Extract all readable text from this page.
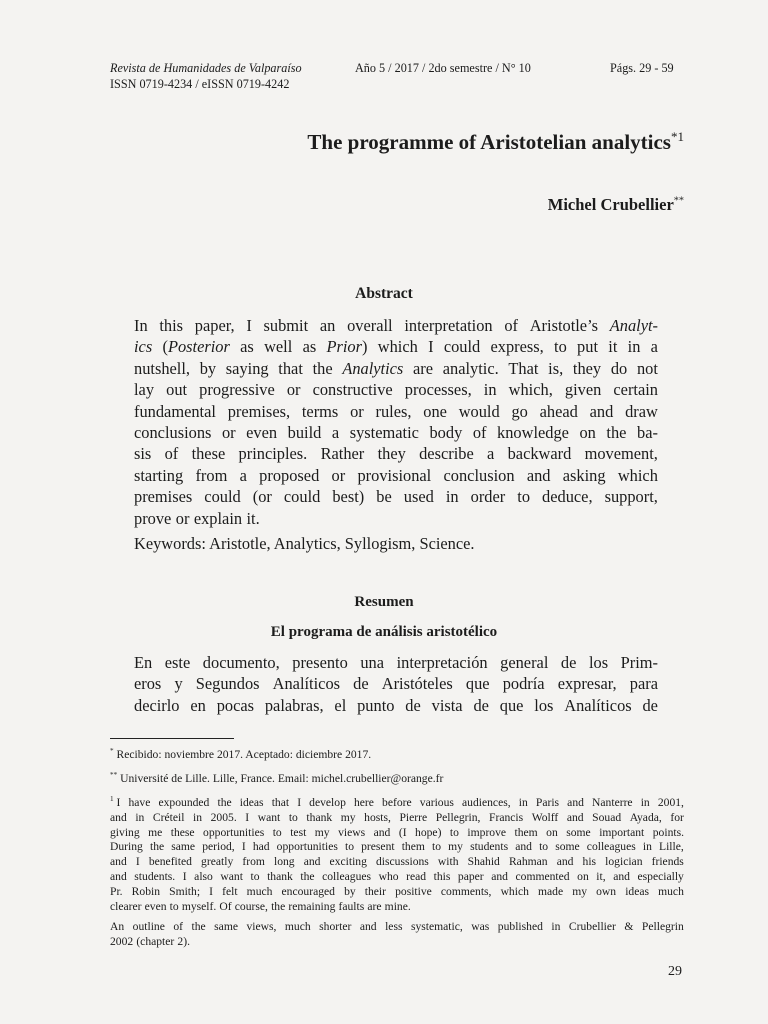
Revista de Humanidades de Valparaíso	Año 5 / 2017 / 2do semestre / N° 10	Págs. 29 - 59
ISSN 0719-4234 / eISSN 0719-4242
The programme of Aristotelian analytics$^{*1}$
Michel Crubellier**
Abstract
In this paper, I submit an overall interpretation of Aristotle’s Analyt-
ics (Posterior as well as Prior) which I could express, to put it in a
nutshell, by saying that the Analytics are analytic. That is, they do not
lay out progressive or constructive processes, in which, given certain
fundamental premises, terms or rules, one would go ahead and draw
conclusions or even build a systematic body of knowledge on the ba-
sis of these principles. Rather they describe a backward movement,
starting from a proposed or provisional conclusion and asking which
premises could (or could best) be used in order to deduce, support,
prove or explain it.
Keywords: Aristotle, Analytics, Syllogism, Science.
Resumen
El programa de análisis aristotélico
En este documento, presento una interpretación general de los Prim-
eros y Segundos Analíticos de Aristóteles que podría expresar, para
decirlo en pocas palabras, el punto de vista de que los Analíticos de
* Recibido: noviembre 2017. Aceptado: diciembre 2017.
** Université de Lille. Lille, France. Email: michel.crubellier@orange.fr
$^1$ I have expounded the ideas that I develop here before various audiences, in Paris and Nanterre in 2001,
and in Créteil in 2005. I want to thank my hosts, Pierre Pellegrin, Francis Wolff and Souad Ayada, for
giving me these opportunities to test my views and (I hope) to improve them on some important points.
During the same period, I had opportunities to present them to my students and to some colleagues in Lille,
and I benefited greatly from long and exciting discussions with Shahid Rahman and his logician friends
and students. I also want to thank the colleagues who read this paper and commented on it, and especially
Pr. Robin Smith; I felt much encouraged by their positive comments, which made my own ideas much
clearer even to myself. Of course, the remaining faults are mine.
An outline of the same views, much shorter and less systematic, was published in Crubellier & Pellegrin
2002 (chapter 2).
29
